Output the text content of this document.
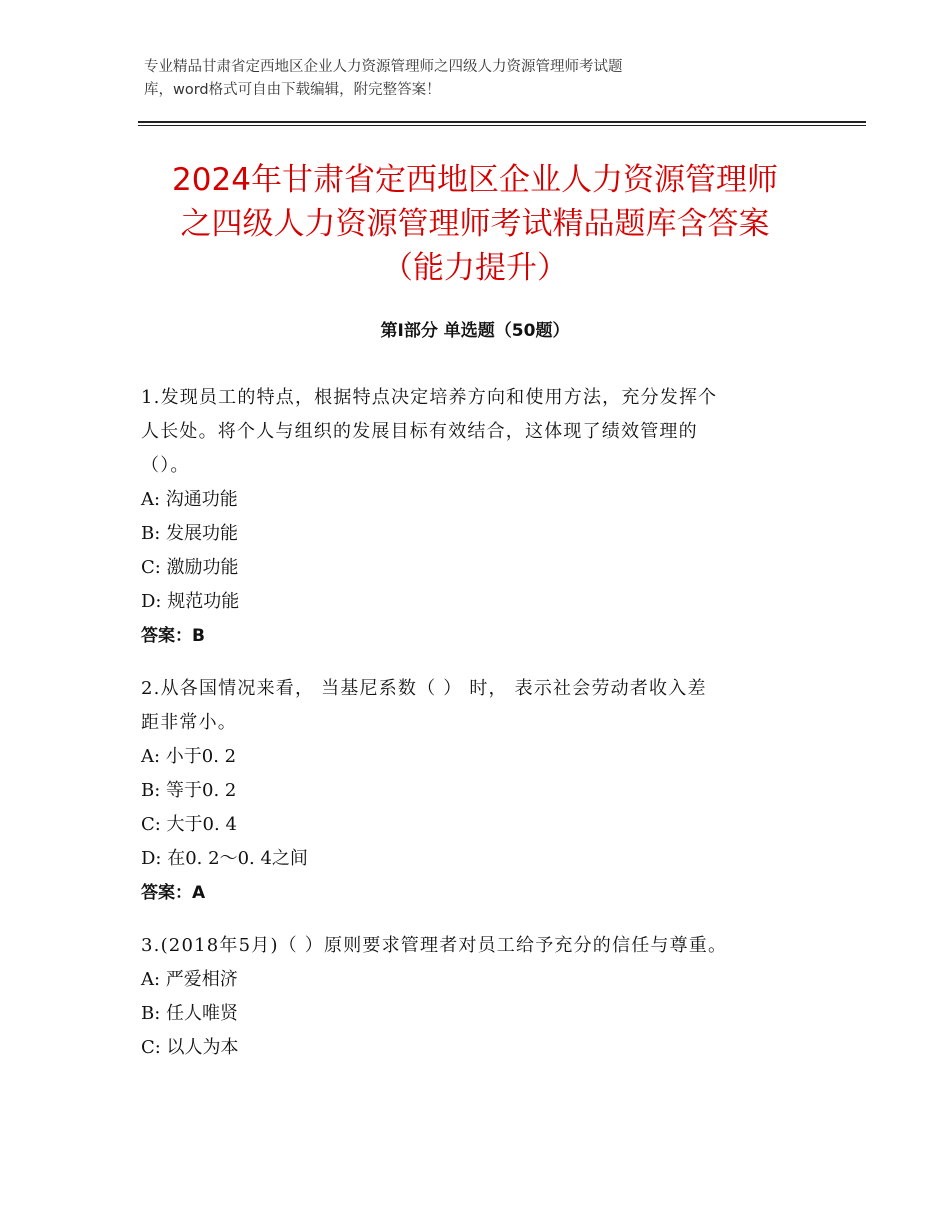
专业精品甘肃省定西地区企业人力资源管理师之四级人力资源管理师考试题
库，word格式可自由下载编辑，附完整答案！
2024年甘肃省定西地区企业人力资源管理师
之四级人力资源管理师考试精品题库含答案
（能力提升）
第Ⅰ部分 单选题（50题）
1.发现员工的特点，根据特点决定培养方向和使用方法，充分发挥个
人长处。将个人与组织的发展目标有效结合，这体现了绩效管理的
（）。
A: 沟通功能
B: 发展功能
C: 激励功能
D: 规范功能
答案：B
2.从各国情况来看， 当基尼系数（ ） 时， 表示社会劳动者收入差
距非常小。
A: 小于0. 2
B: 等于0. 2
C: 大于0. 4
D: 在0. 2～0. 4之间
答案：A
3.(2018年5月)（ ）原则要求管理者对员工给予充分的信任与尊重。
A: 严爱相济
B: 任人唯贤
C: 以人为本
